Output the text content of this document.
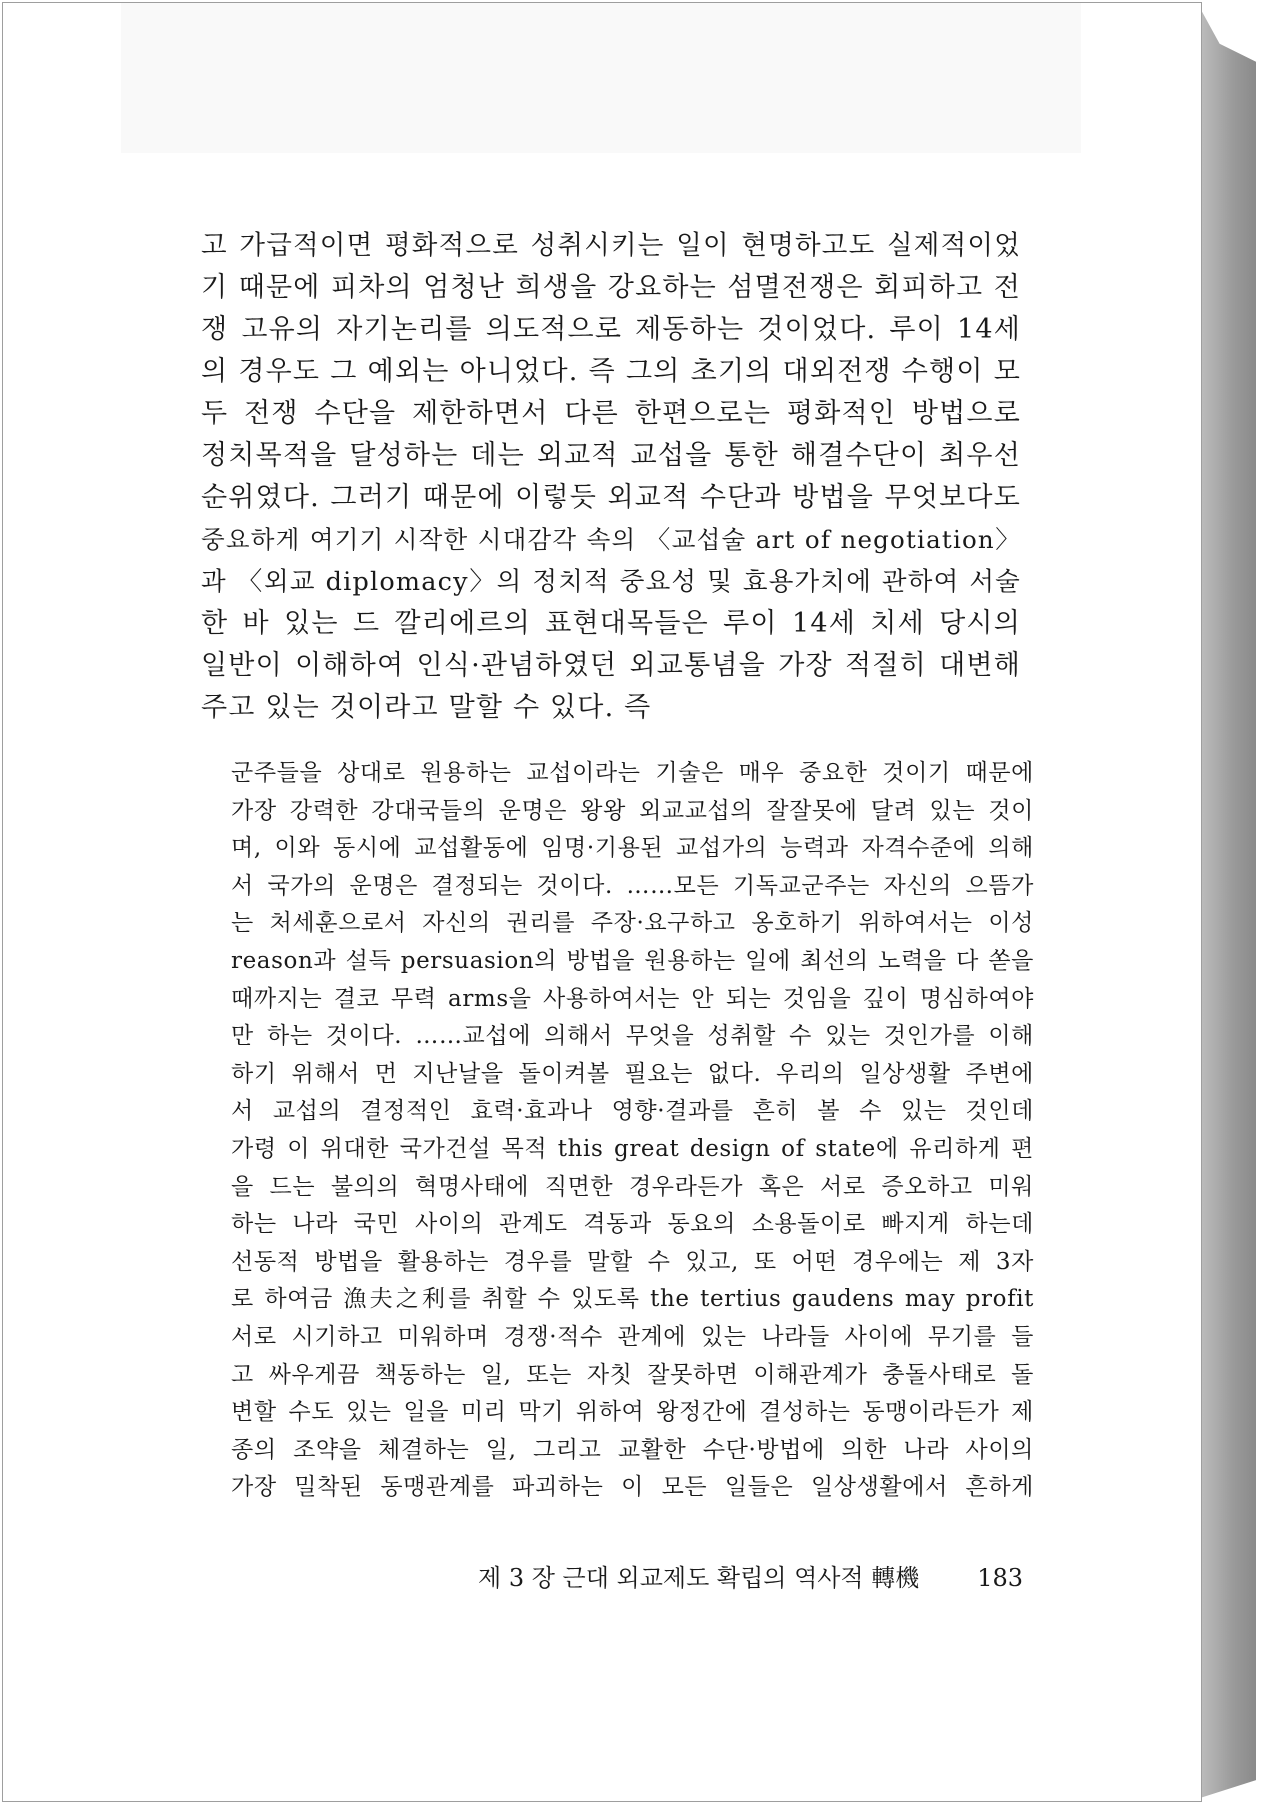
고 가급적이면 평화적으로 성취시키는 일이 현명하고도 실제적이었
기 때문에 피차의 엄청난 희생을 강요하는 섬멸전쟁은 회피하고 전
쟁 고유의 자기논리를 의도적으로 제동하는 것이었다. 루이 14세
의 경우도 그 예외는 아니었다. 즉 그의 초기의 대외전쟁 수행이 모
두 전쟁 수단을 제한하면서 다른 한편으로는 평화적인 방법으로
정치목적을 달성하는 데는 외교적 교섭을 통한 해결수단이 최우선
순위였다. 그러기 때문에 이렇듯 외교적 수단과 방법을 무엇보다도
중요하게 여기기 시작한 시대감각 속의 〈교섭술 art of negotiation〉
과 〈외교 diplomacy〉의 정치적 중요성 및 효용가치에 관하여 서술
한 바 있는 드 깔리에르의 표현대목들은 루이 14세 치세 당시의
일반이 이해하여 인식·관념하였던 외교통념을 가장 적절히 대변해
주고 있는 것이라고 말할 수 있다. 즉
군주들을 상대로 원용하는 교섭이라는 기술은 매우 중요한 것이기 때문에
가장 강력한 강대국들의 운명은 왕왕 외교교섭의 잘잘못에 달려 있는 것이
며, 이와 동시에 교섭활동에 임명·기용된 교섭가의 능력과 자격수준에 의해
서 국가의 운명은 결정되는 것이다. ……모든 기독교군주는 자신의 으뜸가
는 처세훈으로서 자신의 권리를 주장·요구하고 옹호하기 위하여서는 이성
reason과 설득 persuasion의 방법을 원용하는 일에 최선의 노력을 다 쏟을
때까지는 결코 무력 arms을 사용하여서는 안 되는 것임을 깊이 명심하여야
만 하는 것이다. ……교섭에 의해서 무엇을 성취할 수 있는 것인가를 이해
하기 위해서 먼 지난날을 돌이켜볼 필요는 없다. 우리의 일상생활 주변에
서 교섭의 결정적인 효력·효과나 영향·결과를 흔히 볼 수 있는 것인데
가령 이 위대한 국가건설 목적 this great design of state에 유리하게 편
을 드는 불의의 혁명사태에 직면한 경우라든가 혹은 서로 증오하고 미워
하는 나라 국민 사이의 관계도 격동과 동요의 소용돌이로 빠지게 하는데
선동적 방법을 활용하는 경우를 말할 수 있고, 또 어떤 경우에는 제 3자
로 하여금 漁夫之利를 취할 수 있도록 the tertius gaudens may profit
서로 시기하고 미워하며 경쟁·적수 관계에 있는 나라들 사이에 무기를 들
고 싸우게끔 책동하는 일, 또는 자칫 잘못하면 이해관계가 충돌사태로 돌
변할 수도 있는 일을 미리 막기 위하여 왕정간에 결성하는 동맹이라든가 제
종의 조약을 체결하는 일, 그리고 교활한 수단·방법에 의한 나라 사이의
가장 밀착된 동맹관계를 파괴하는 이 모든 일들은 일상생활에서 흔하게
제 3 장 근대 외교제도 확립의 역사적 轉機 183
